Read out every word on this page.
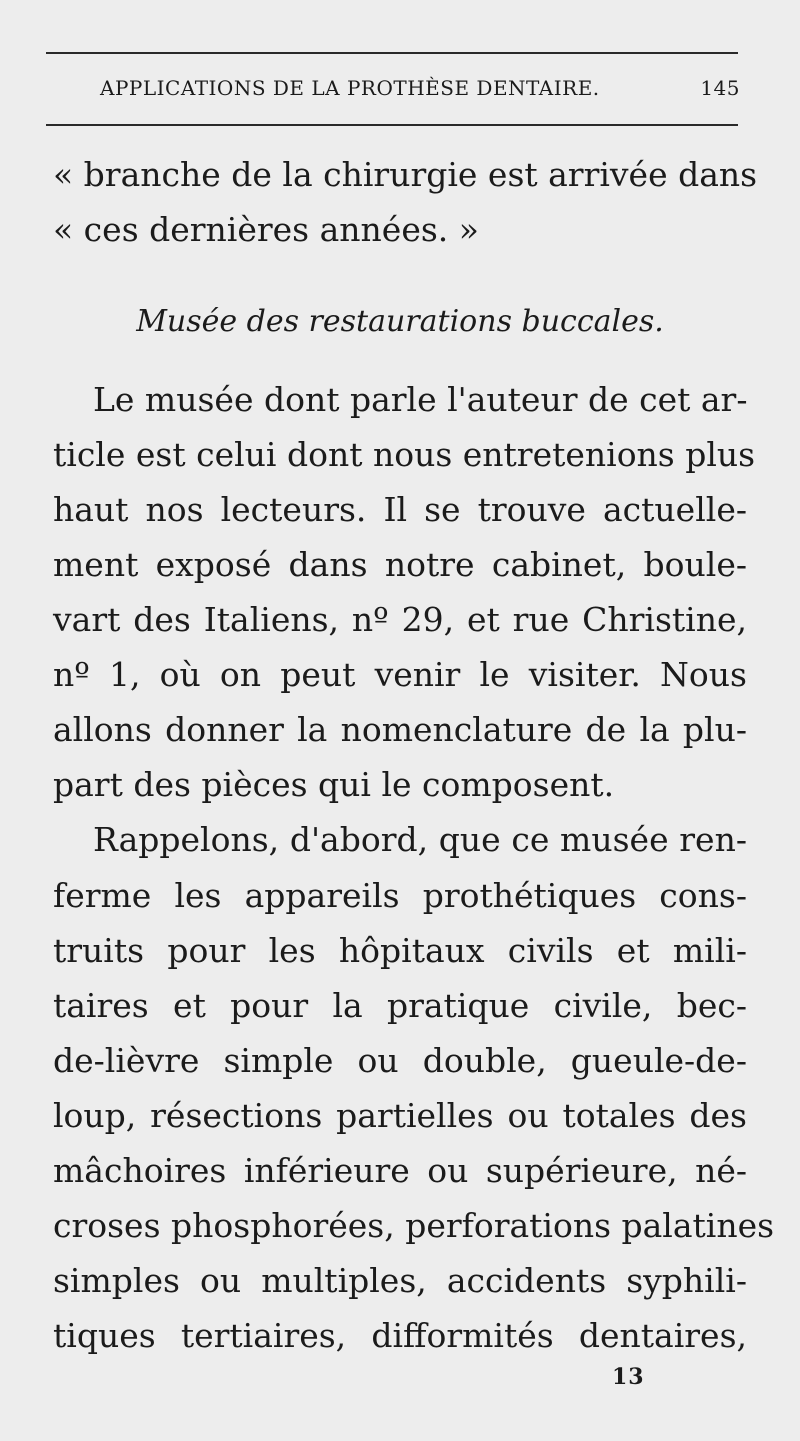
APPLICATIONS DE LA PROTHÈSE DENTAIRE.	145
« branche de la chirurgie est arrivée dans
« ces dernières années. »
Musée des restaurations buccales.
Le musée dont parle l'auteur de cet ar-
ticle est celui dont nous entretenions plus
haut nos lecteurs. Il se trouve actuelle-
ment exposé dans notre cabinet, boule-
vart des Italiens, nº 29, et rue Christine,
nº 1, où on peut venir le visiter. Nous
allons donner la nomenclature de la plu-
part des pièces qui le composent.
Rappelons, d'abord, que ce musée ren-
ferme les appareils prothétiques cons-
truits pour les hôpitaux civils et mili-
taires et pour la pratique civile, bec-
de-lièvre simple ou double, gueule-de-
loup, résections partielles ou totales des
mâchoires inférieure ou supérieure, né-
croses phosphorées, perforations palatines
simples ou multiples, accidents syphili-
tiques tertiaires, difformités dentaires,
13
